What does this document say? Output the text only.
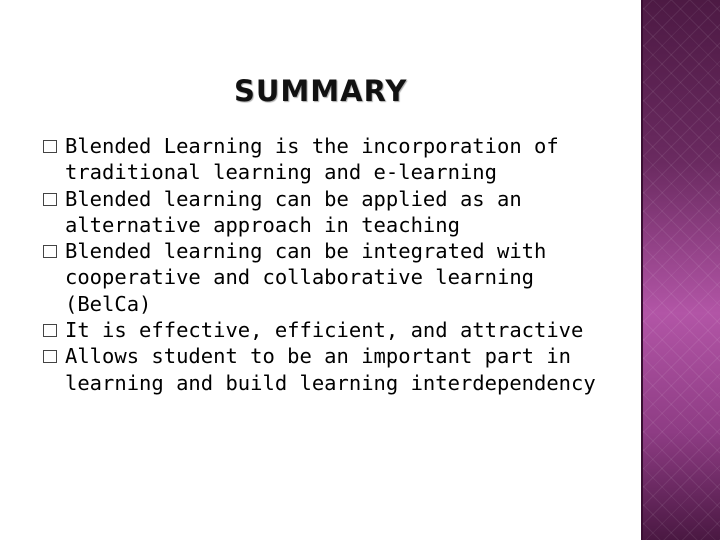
SUMMARY
Blended Learning is the incorporation of traditional learning and e-learning
Blended learning can be applied as an alternative approach in teaching
Blended learning can be integrated with cooperative and collaborative learning (BelCa)
It is effective, efficient, and attractive
Allows student to be an important part in learning and build learning interdependency
